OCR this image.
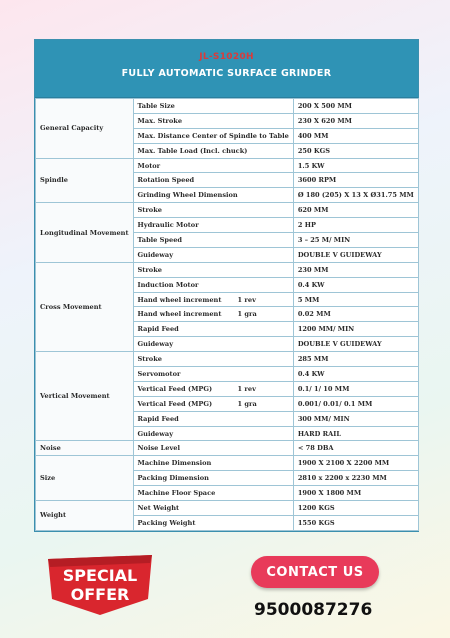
JL-S1020H
FULLY AUTOMATIC SURFACE GRINDER
General Capacity	Table Size	200 X 500 MM
	Max. Stroke	230 X 620 MM
	Max. Distance Center of Spindle to Table	400 MM
	Max. Table Load (Incl. chuck)	250 KGS
Spindle	Motor	1.5 KW
	Rotation Speed	3600 RPM
	Grinding Wheel Dimension	Ø 180 (205) X 13 X Ø31.75 MM
Longitudinal Movement	Stroke	620 MM
	Hydraulic Motor	2 HP
	Table Speed	3 – 25 M/ MIN
	Guideway	DOUBLE V GUIDEWAY
Cross Movement	Stroke	230 MM
	Induction Motor	0.4 KW
	Hand wheel increment 1 rev	5 MM
	Hand wheel increment 1 gra	0.02 MM
	Rapid Feed	1200 MM/ MIN
	Guideway	DOUBLE V GUIDEWAY
Vertical Movement	Stroke	285 MM
	Servomotor	0.4 KW
	Vertical Feed (MPG) 1 rev	0.1/ 1/ 10 MM
	Vertical Feed (MPG) 1 gra	0.001/ 0.01/ 0.1 MM
	Rapid Feed	300 MM/ MIN
	Guideway	HARD RAIL
Noise	Noise Level	< 78 DBA
Size	Machine Dimension	1900 X 2100 X 2200 MM
	Packing Dimension	2810 x 2200 x 2230 MM
	Machine Floor Space	1900 X 1800 MM
Weight	Net Weight	1200 KGS
	Packing Weight	1550 KGS
SPECIAL
OFFER
CONTACT US
9500087276
